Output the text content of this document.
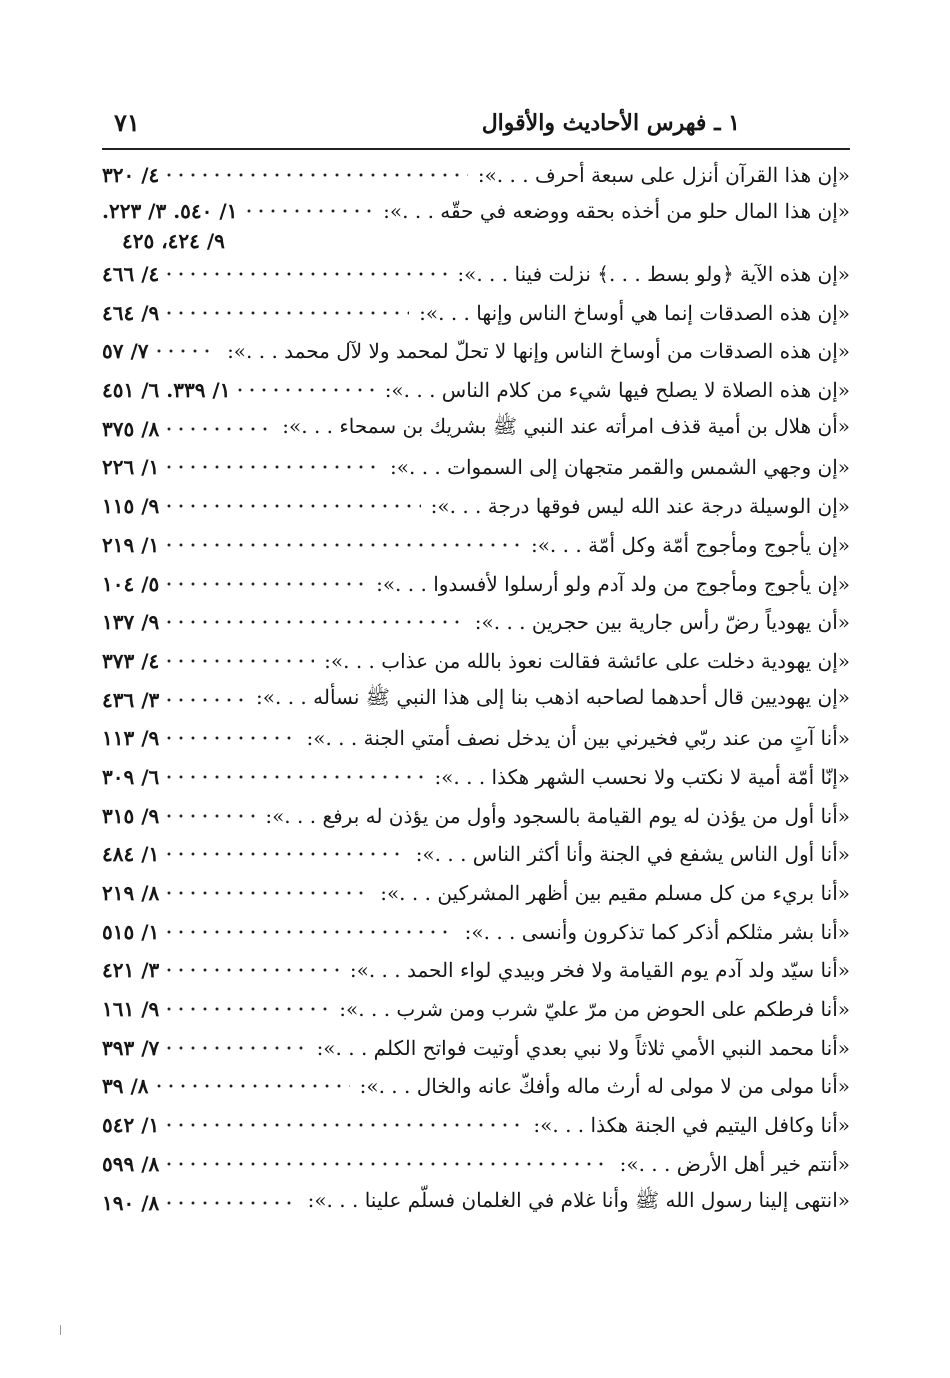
١ ـ فهرس الأحاديث والأقوال
٧١
«إن هذا القرآن أنزل على سبعة أحرف . . .»:
٤/ ٣٢٠
«إن هذا المال حلو من أخذه بحقه ووضعه في حقّه . . .»:
١/ ٥٤٠. ٣/ ٢٢٣.
٩/ ٤٢٤، ٤٢٥
«إن هذه الآية ﴿ولو بسط . . .﴾ نزلت فينا . . .»:
٤/ ٤٦٦
«إن هذه الصدقات إنما هي أوساخ الناس وإنها . . .»:
٩/ ٤٦٤
«إن هذه الصدقات من أوساخ الناس وإنها لا تحلّ لمحمد ولا لآل محمد . . .»:
٧/ ٥٧
«إن هذه الصلاة لا يصلح فيها شيء من كلام الناس . . .»:
١/ ٣٣٩. ٦/ ٤٥١
«أن هلال بن أمية قذف امرأته عند النبي ﷺ بشريك بن سمحاء . . .»:
٨/ ٣٧٥
«إن وجهي الشمس والقمر متجهان إلى السموات . . .»:
١/ ٢٢٦
«إن الوسيلة درجة عند الله ليس فوقها درجة . . .»:
٩/ ١١٥
«إن يأجوج ومأجوج أمّة وكل أمّة . . .»:
١/ ٢١٩
«إن يأجوج ومأجوج من ولد آدم ولو أرسلوا لأفسدوا . . .»:
٥/ ١٠٤
«أن يهودياً رضّ رأس جارية بين حجرين . . .»:
٩/ ١٣٧
«إن يهودية دخلت على عائشة فقالت نعوذ بالله من عذاب . . .»:
٤/ ٣٧٣
«إن يهوديين قال أحدهما لصاحبه اذهب بنا إلى هذا النبي ﷺ نسأله . . .»:
٣/ ٤٣٦
«أنا آتٍ من عند ربّي فخيرني بين أن يدخل نصف أمتي الجنة . . .»:
٩/ ١١٣
«إنّا أمّة أمية لا نكتب ولا نحسب الشهر هكذا . . .»:
٦/ ٣٠٩
«أنا أول من يؤذن له يوم القيامة بالسجود وأول من يؤذن له برفع . . .»:
٩/ ٣١٥
«أنا أول الناس يشفع في الجنة وأنا أكثر الناس . . .»:
١/ ٤٨٤
«أنا بريء من كل مسلم مقيم بين أظهر المشركين . . .»:
٨/ ٢١٩
«أنا بشر مثلكم أذكر كما تذكرون وأنسى . . .»:
١/ ٥١٥
«أنا سيّد ولد آدم يوم القيامة ولا فخر وبيدي لواء الحمد . . .»:
٣/ ٤٢١
«أنا فرطكم على الحوض من مرّ عليّ شرب ومن شرب . . .»:
٩/ ١٦١
«أنا محمد النبي الأمي ثلاثاً ولا نبي بعدي أوتيت فواتح الكلم . . .»:
٧/ ٣٩٣
«أنا مولى من لا مولى له أرث ماله وأفكّ عانه والخال . . .»:
٨/ ٣٩
«أنا وكافل اليتيم في الجنة هكذا . . .»:
١/ ٥٤٢
«أنتم خير أهل الأرض . . .»:
٨/ ٥٩٩
«انتهى إلينا رسول الله ﷺ وأنا غلام في الغلمان فسلّم علينا . . .»:
٨/ ١٩٠
